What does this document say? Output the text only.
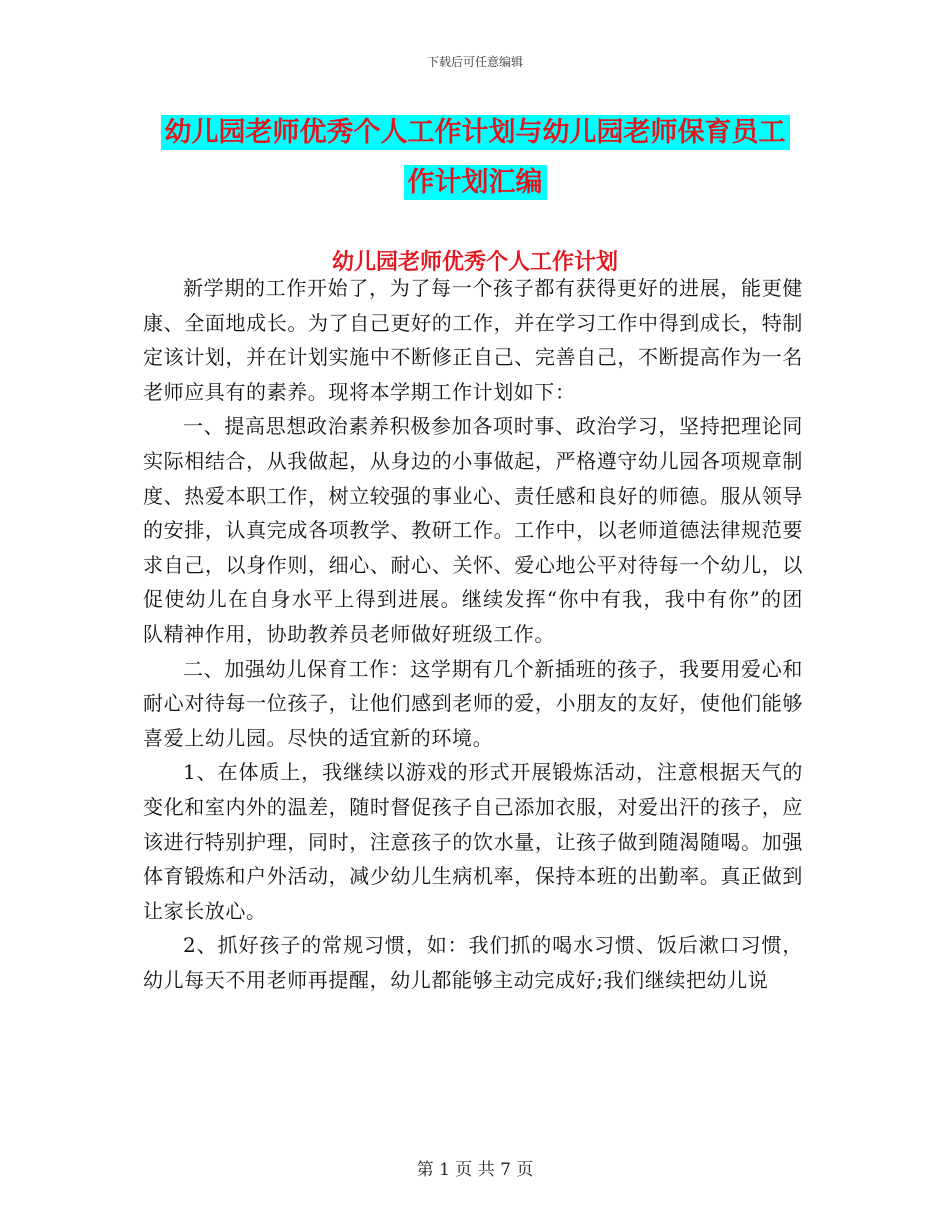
下载后可任意编辑
幼儿园老师优秀个人工作计划与幼儿园老师保育员工
作计划汇编
幼儿园老师优秀个人工作计划

新学期的工作开始了，为了每一个孩子都有获得更好的进展，能更健康、全面地成长。为了自己更好的工作，并在学习工作中得到成长，特制定该计划，并在计划实施中不断修正自己、完善自己，不断提高作为一名老师应具有的素养。现将本学期工作计划如下：

一、提高思想政治素养积极参加各项时事、政治学习，坚持把理论同实际相结合，从我做起，从身边的小事做起，严格遵守幼儿园各项规章制度、热爱本职工作，树立较强的事业心、责任感和良好的师德。服从领导的安排，认真完成各项教学、教研工作。工作中，以老师道德法律规范要求自己，以身作则，细心、耐心、关怀、爱心地公平对待每一个幼儿，以促使幼儿在自身水平上得到进展。继续发挥“你中有我，我中有你”的团队精神作用，协助教养员老师做好班级工作。

二、加强幼儿保育工作：这学期有几个新插班的孩子，我要用爱心和耐心对待每一位孩子，让他们感到老师的爱，小朋友的友好，使他们能够喜爱上幼儿园。尽快的适宜新的环境。

1、在体质上，我继续以游戏的形式开展锻炼活动，注意根据天气的变化和室内外的温差，随时督促孩子自己添加衣服，对爱出汗的孩子，应该进行特别护理，同时，注意孩子的饮水量，让孩子做到随渴随喝。加强体育锻炼和户外活动，减少幼儿生病机率，保持本班的出勤率。真正做到让家长放心。

2、抓好孩子的常规习惯，如：我们抓的喝水习惯、饭后漱口习惯，幼儿每天不用老师再提醒，幼儿都能够主动完成好;我们继续把幼儿说

第 1 页 共 7 页
